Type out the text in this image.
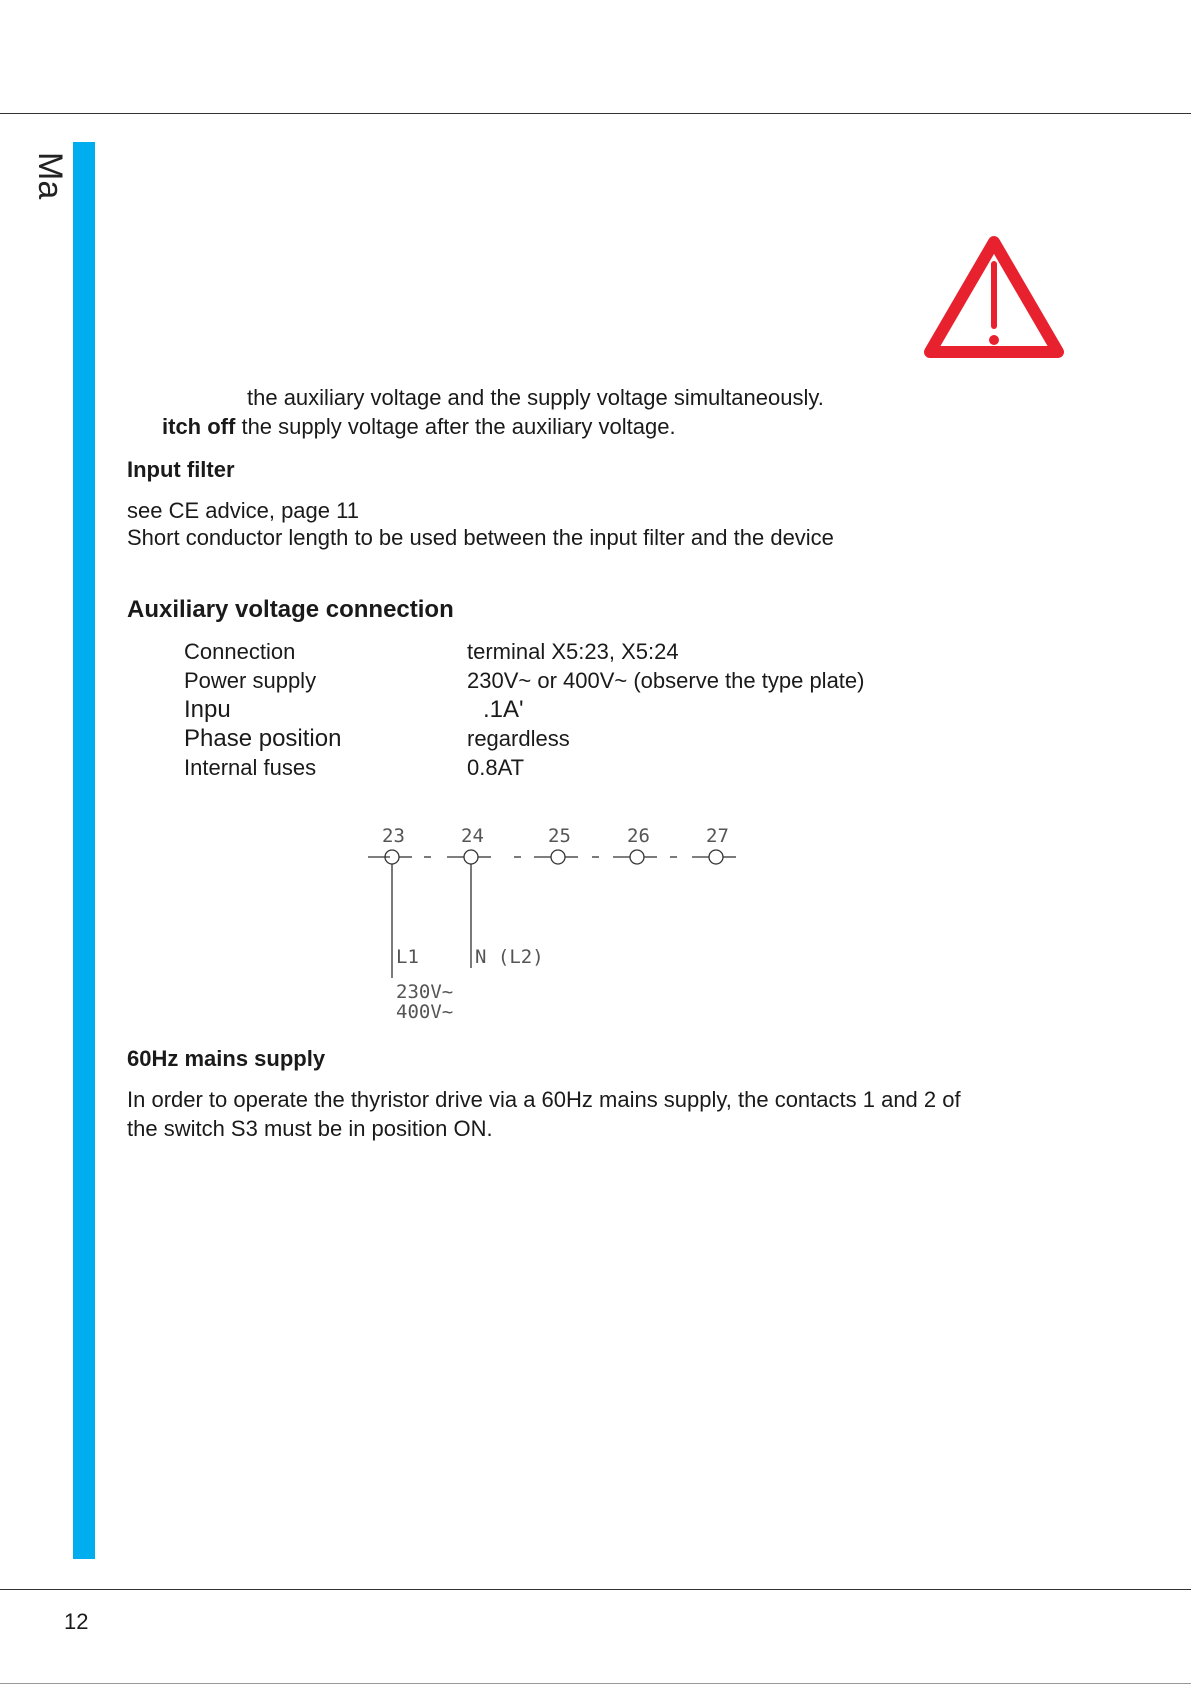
Ma
the auxiliary voltage and the supply voltage simultaneously.
itch off the supply voltage after the auxiliary voltage.
Input filter
see CE advice, page 11
Short conductor length to be used between the input filter and the device
Auxiliary voltage connection
Connection	terminal X5:23, X5:24
Power supply	230V~ or 400V~ (observe the type plate)
Inpu	.1A'
Phase position	regardless
Internal fuses	0.8AT
23	24	25	26	27
L1	N (L2)
230V~
400V~
60Hz mains supply
In order to operate the thyristor drive via a 60Hz mains supply, the contacts 1 and 2 of
the switch S3 must be in position ON.
12
